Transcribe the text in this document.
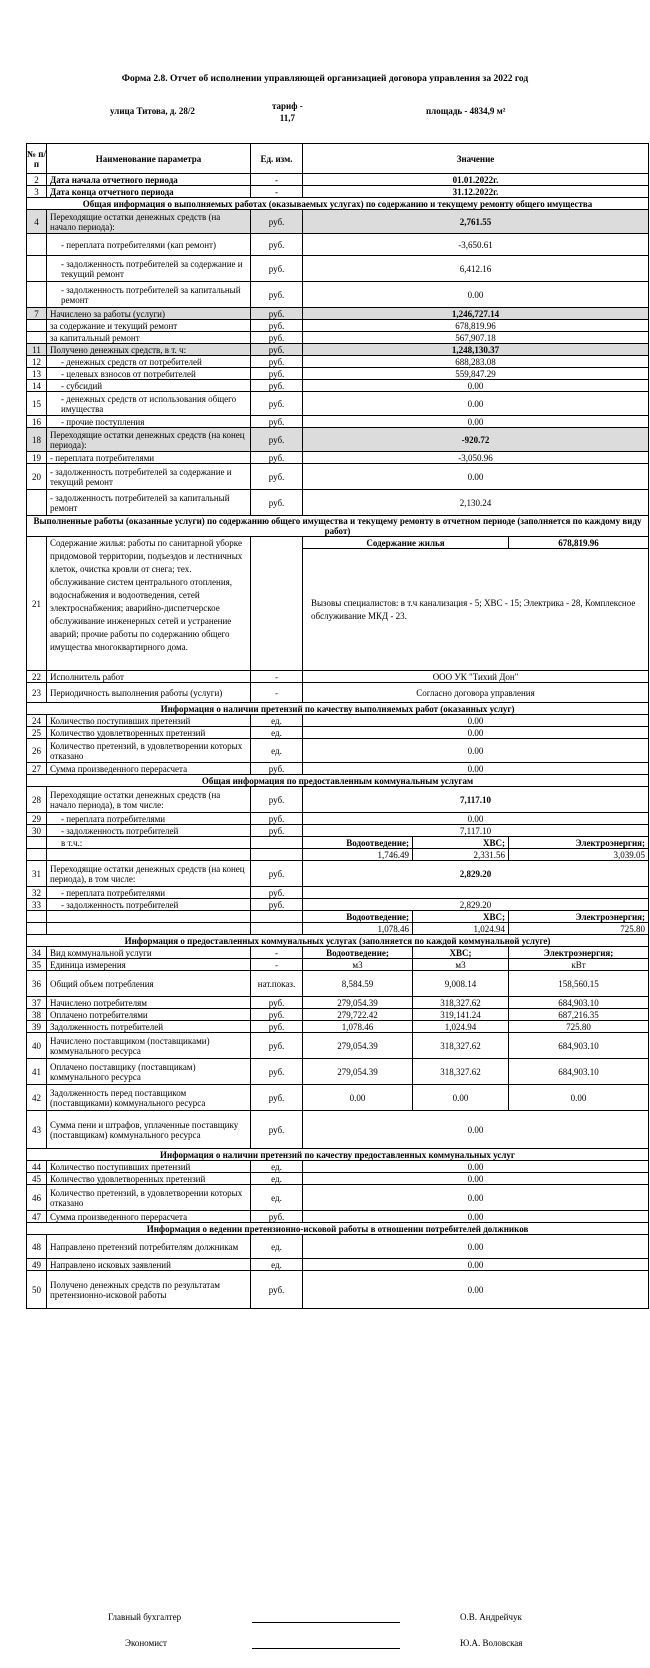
Форма 2.8. Отчет об исполнении управляющей организацией договора управления за 2022 год
улица Титова, д. 28/2	тариф -
11,7
площадь - 4834,9 м²
№ п/п	Наименование параметра	Ед. изм.	Значение		
2	Дата начала отчетного периода	-	01.01.2022г.		
3	Дата конца отчетного периода	-	31.12.2022г.		
Общая информация о выполняемых работах (оказываемых услугах) по содержанию и текущему ремонту общего имущества					
4	Переходящие остатки денежных средств (на начало периода):	руб.	2,761.55		
	- переплата потребителями (кап ремонт)	руб.	-3,650.61		
	- задолженность потребителей за содержание и текущий ремонт	руб.	6,412.16		
	- задолженность потребителей за капитальный ремонт	руб.	0.00		
7	Начислено за работы (услуги)	руб.	1,246,727.14		
	за содержание и текущий ремонт	руб.	678,819.96		
	за капитальный ремонт	руб.	567,907.18		
11	Получено денежных средств, в т. ч:	руб.	1,248,130.37		
12	- денежных средств от потребителей	руб.	688,283.08		
13	- целевых взносов от потребителей	руб.	559,847.29		
14	- субсидий	руб.	0.00		
15	- денежных средств от использования общего имущества	руб.	0.00		
16	- прочие поступления	руб.	0.00		
18	Переходящие остатки денежных средств (на конец периода):	руб.	-920.72		
19	- переплата потребителями	руб.	-3,050.96		
20	- задолженность потребителей за содержание и текущий ремонт	руб.	0.00		
	- задолженность потребителей за капитальный ремонт	руб.	2,130.24		
Выполненные работы (оказанные услуги) по содержанию общего имущества и текущему ремонту в отчетном периоде (заполняется по каждому виду работ)					
21	Содержание жилья: работы по санитарной уборке придомовой территории, подъездов и лестничных клеток, очистка кровли от снега; тех. обслуживание систем центрального отопления, водоснабжения и водоотведения, сетей электроснабжения; аварийно-диспетчерское обслуживание инженерных сетей и устранение аварий; прочие работы по содержанию общего имущества многоквартирного дома.		Содержание жилья		678,819.96
			Вызовы специалистов: в т.ч канализация - 5; ХВС - 15; Электрика - 28, Комплексное обслуживание МКД - 23.		
22	Исполнитель работ	-	ООО УК "Тихий Дон"		
23	Периодичность выполнения работы (услуги)	-	Согласно договора управления		
Информация о наличии претензий по качеству выполняемых работ (оказанных услуг)					
24	Количество поступивших претензий	ед.	0.00		
25	Количество удовлетворенных претензий	ед.	0.00		
26	Количество претензий, в удовлетворении которых отказано	ед.	0.00		
27	Сумма произведенного перерасчета	руб.	0.00		
Общая информация по предоставленным коммунальным услугам					
28	Переходящие остатки денежных средств (на начало периода), в том числе:	руб.	7,117.10		
29	- переплата потребителями	руб.	0.00		
30	- задолженность потребителей	руб.	7,117.10		
	в т.ч.:		Водоотведение;	ХВС;	Электроэнергия;
			1,746.49	2,331.56	3,039.05
31	Переходящие остатки денежных средств (на конец периода), в том числе:	руб.	2,829.20		
32	- переплата потребителями	руб.			
33	- задолженность потребителей	руб.	2,829.20		
			Водоотведение;	ХВС;	Электроэнергия;
			1,078.46	1,024.94	725.80
Информация о предоставленных коммунальных услугах (заполняется по каждой коммунальной услуге)					
34	Вид коммунальной услуги	-	Водоотведение;	ХВС;	Электроэнергия;
35	Единица измерения	-	м3	м3	кВт
36	Общий объем потребления	нат.показ.	8,584.59	9,008.14	158,560.15
37	Начислено потребителям	руб.	279,054.39	318,327.62	684,903.10
38	Оплачено потребителями	руб.	279,722.42	319,141.24	687,216.35
39	Задолженность потребителей	руб.	1,078.46	1,024.94	725.80
40	Начислено поставщиком (поставщиками) коммунального ресурса	руб.	279,054.39	318,327.62	684,903.10
41	Оплачено поставщику (поставщикам) коммунального ресурса	руб.	279,054.39	318,327.62	684,903.10
42	Задолженность перед поставщиком (поставщиками) коммунального ресурса	руб.	0.00	0.00	0.00
43	Сумма пени и штрафов, уплаченные поставщику (поставщикам) коммунального ресурса	руб.	0.00		
Информация о наличии претензий по качеству предоставленных коммунальных услуг					
44	Количество поступивших претензий	ед.	0.00		
45	Количество удовлетворенных претензий	ед.	0.00		
46	Количество претензий, в удовлетворении которых отказано	ед.	0.00		
47	Сумма произведенного перерасчета	руб.	0.00		
Информация о ведении претензионно-исковой работы в отношении потребителей должников					
48	Направлено претензий потребителям должникам	ед.	0.00		
49	Направлено исковых заявлений	ед.	0.00		
50	Получено денежных средств по результатам претензионно-исковой работы	руб.	0.00		
Главный бухгалтер	О.В. Андрейчук
Экономист	Ю.А. Воловская
